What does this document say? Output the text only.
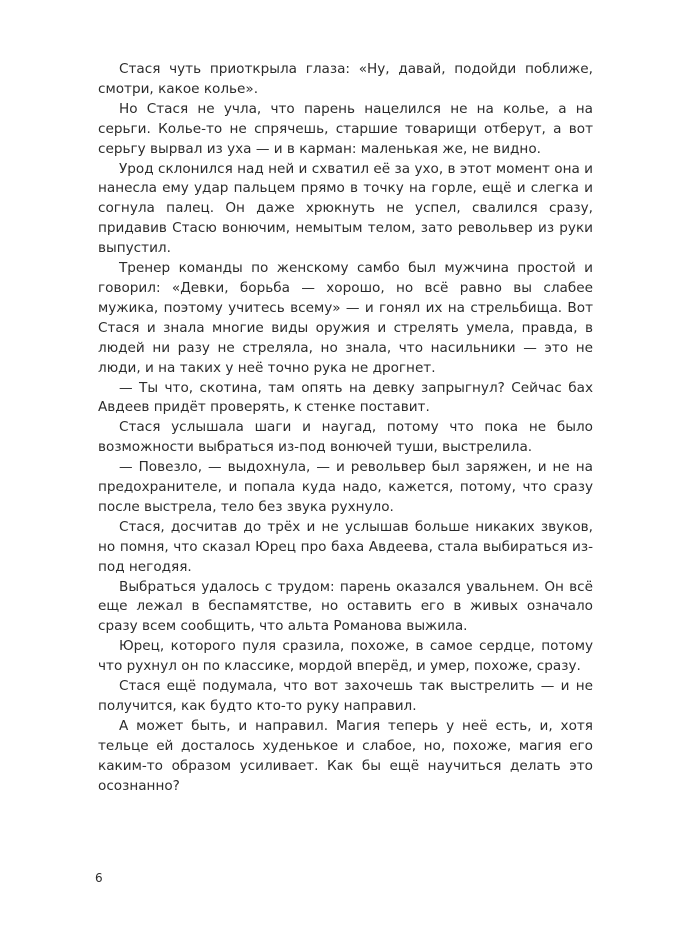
Стася чуть приоткрыла глаза: «Ну, давай, подойди поближе, смотри, какое колье».

Но Стася не учла, что парень нацелился не на колье, а на серьги. Колье-то не спрячешь, старшие товарищи отберут, а вот серьгу вырвал из уха — и в карман: маленькая же, не видно.

Урод склонился над ней и схватил её за ухо, в этот момент она и нанесла ему удар пальцем прямо в точку на горле, ещё и слегка и согнула палец. Он даже хрюкнуть не успел, свалился сразу, придавив Стасю вонючим, немытым телом, зато револьвер из руки выпустил.

Тренер команды по женскому самбо был мужчина простой и говорил: «Девки, борьба — хорошо, но всё равно вы слабее мужика, поэтому учитесь всему» — и гонял их на стрельбища. Вот Стася и знала многие виды оружия и стрелять умела, правда, в людей ни разу не стреляла, но знала, что насильники — это не люди, и на таких у неё точно рука не дрогнет.

— Ты что, скотина, там опять на девку запрыгнул? Сейчас бах Авдеев придёт проверять, к стенке поставит.

Стася услышала шаги и наугад, потому что пока не было возможности выбраться из-под вонючей туши, выстрелила.

— Повезло, — выдохнула, — и револьвер был заряжен, и не на предохранителе, и попала куда надо, кажется, потому, что сразу после выстрела, тело без звука рухнуло.

Стася, досчитав до трёх и не услышав больше никаких звуков, но помня, что сказал Юрец про баха Авдеева, стала выбираться из-под негодяя.

Выбраться удалось с трудом: парень оказался увальнем. Он всё еще лежал в беспамятстве, но оставить его в живых означало сразу всем сообщить, что альта Романова выжила.

Юрец, которого пуля сразила, похоже, в самое сердце, потому что рухнул он по классике, мордой вперёд, и умер, похоже, сразу.

Стася ещё подумала, что вот захочешь так выстрелить — и не получится, как будто кто-то руку направил.

А может быть, и направил. Магия теперь у неё есть, и, хотя тельце ей досталось худенькое и слабое, но, похоже, магия его каким-то образом усиливает. Как бы ещё научиться делать это осознанно?

6
